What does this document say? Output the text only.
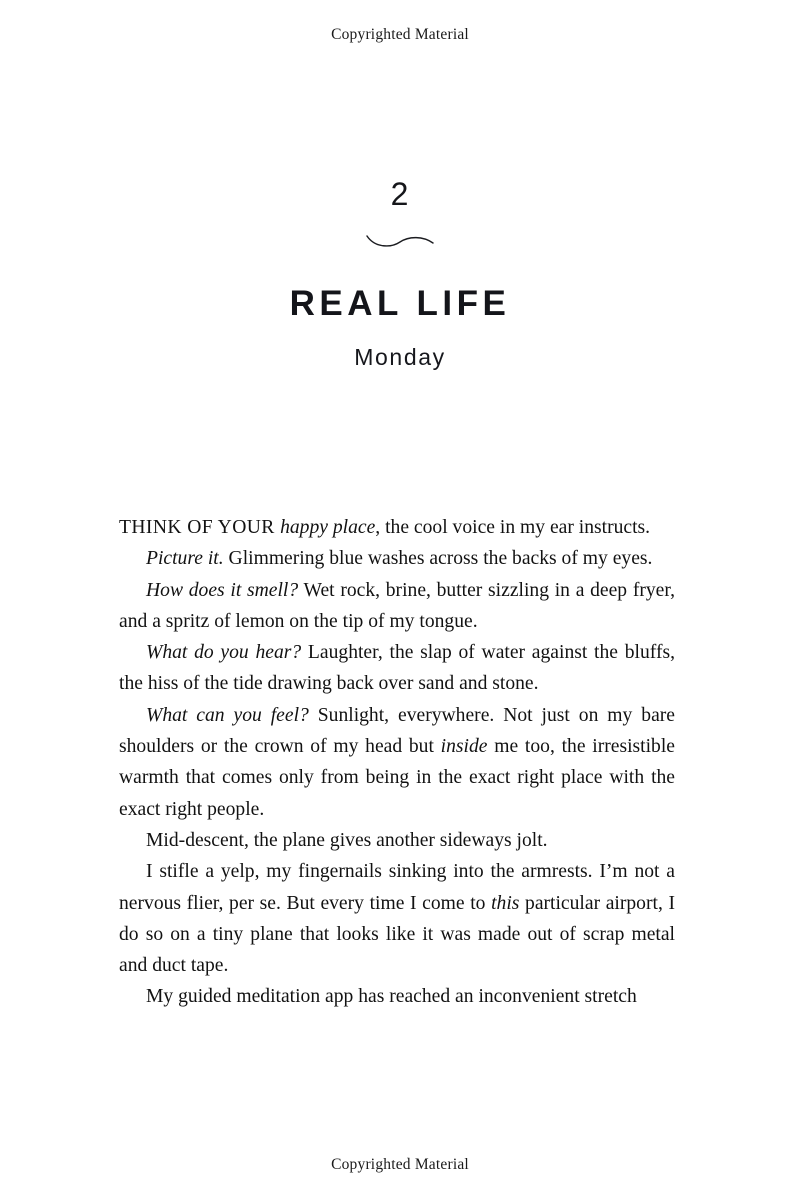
Copyrighted Material
2
REAL LIFE
Monday

THINK OF YOUR happy place, the cool voice in my ear instructs.

Picture it. Glimmering blue washes across the backs of my eyes.

How does it smell? Wet rock, brine, butter sizzling in a deep fryer, and a spritz of lemon on the tip of my tongue.

What do you hear? Laughter, the slap of water against the bluffs, the hiss of the tide drawing back over sand and stone.

What can you feel? Sunlight, everywhere. Not just on my bare shoulders or the crown of my head but inside me too, the irresistible warmth that comes only from being in the exact right place with the exact right people.

Mid-descent, the plane gives another sideways jolt.

I stifle a yelp, my fingernails sinking into the armrests. I’m not a nervous flier, per se. But every time I come to this particular airport, I do so on a tiny plane that looks like it was made out of scrap metal and duct tape.

My guided meditation app has reached an inconvenient stretch

Copyrighted Material
